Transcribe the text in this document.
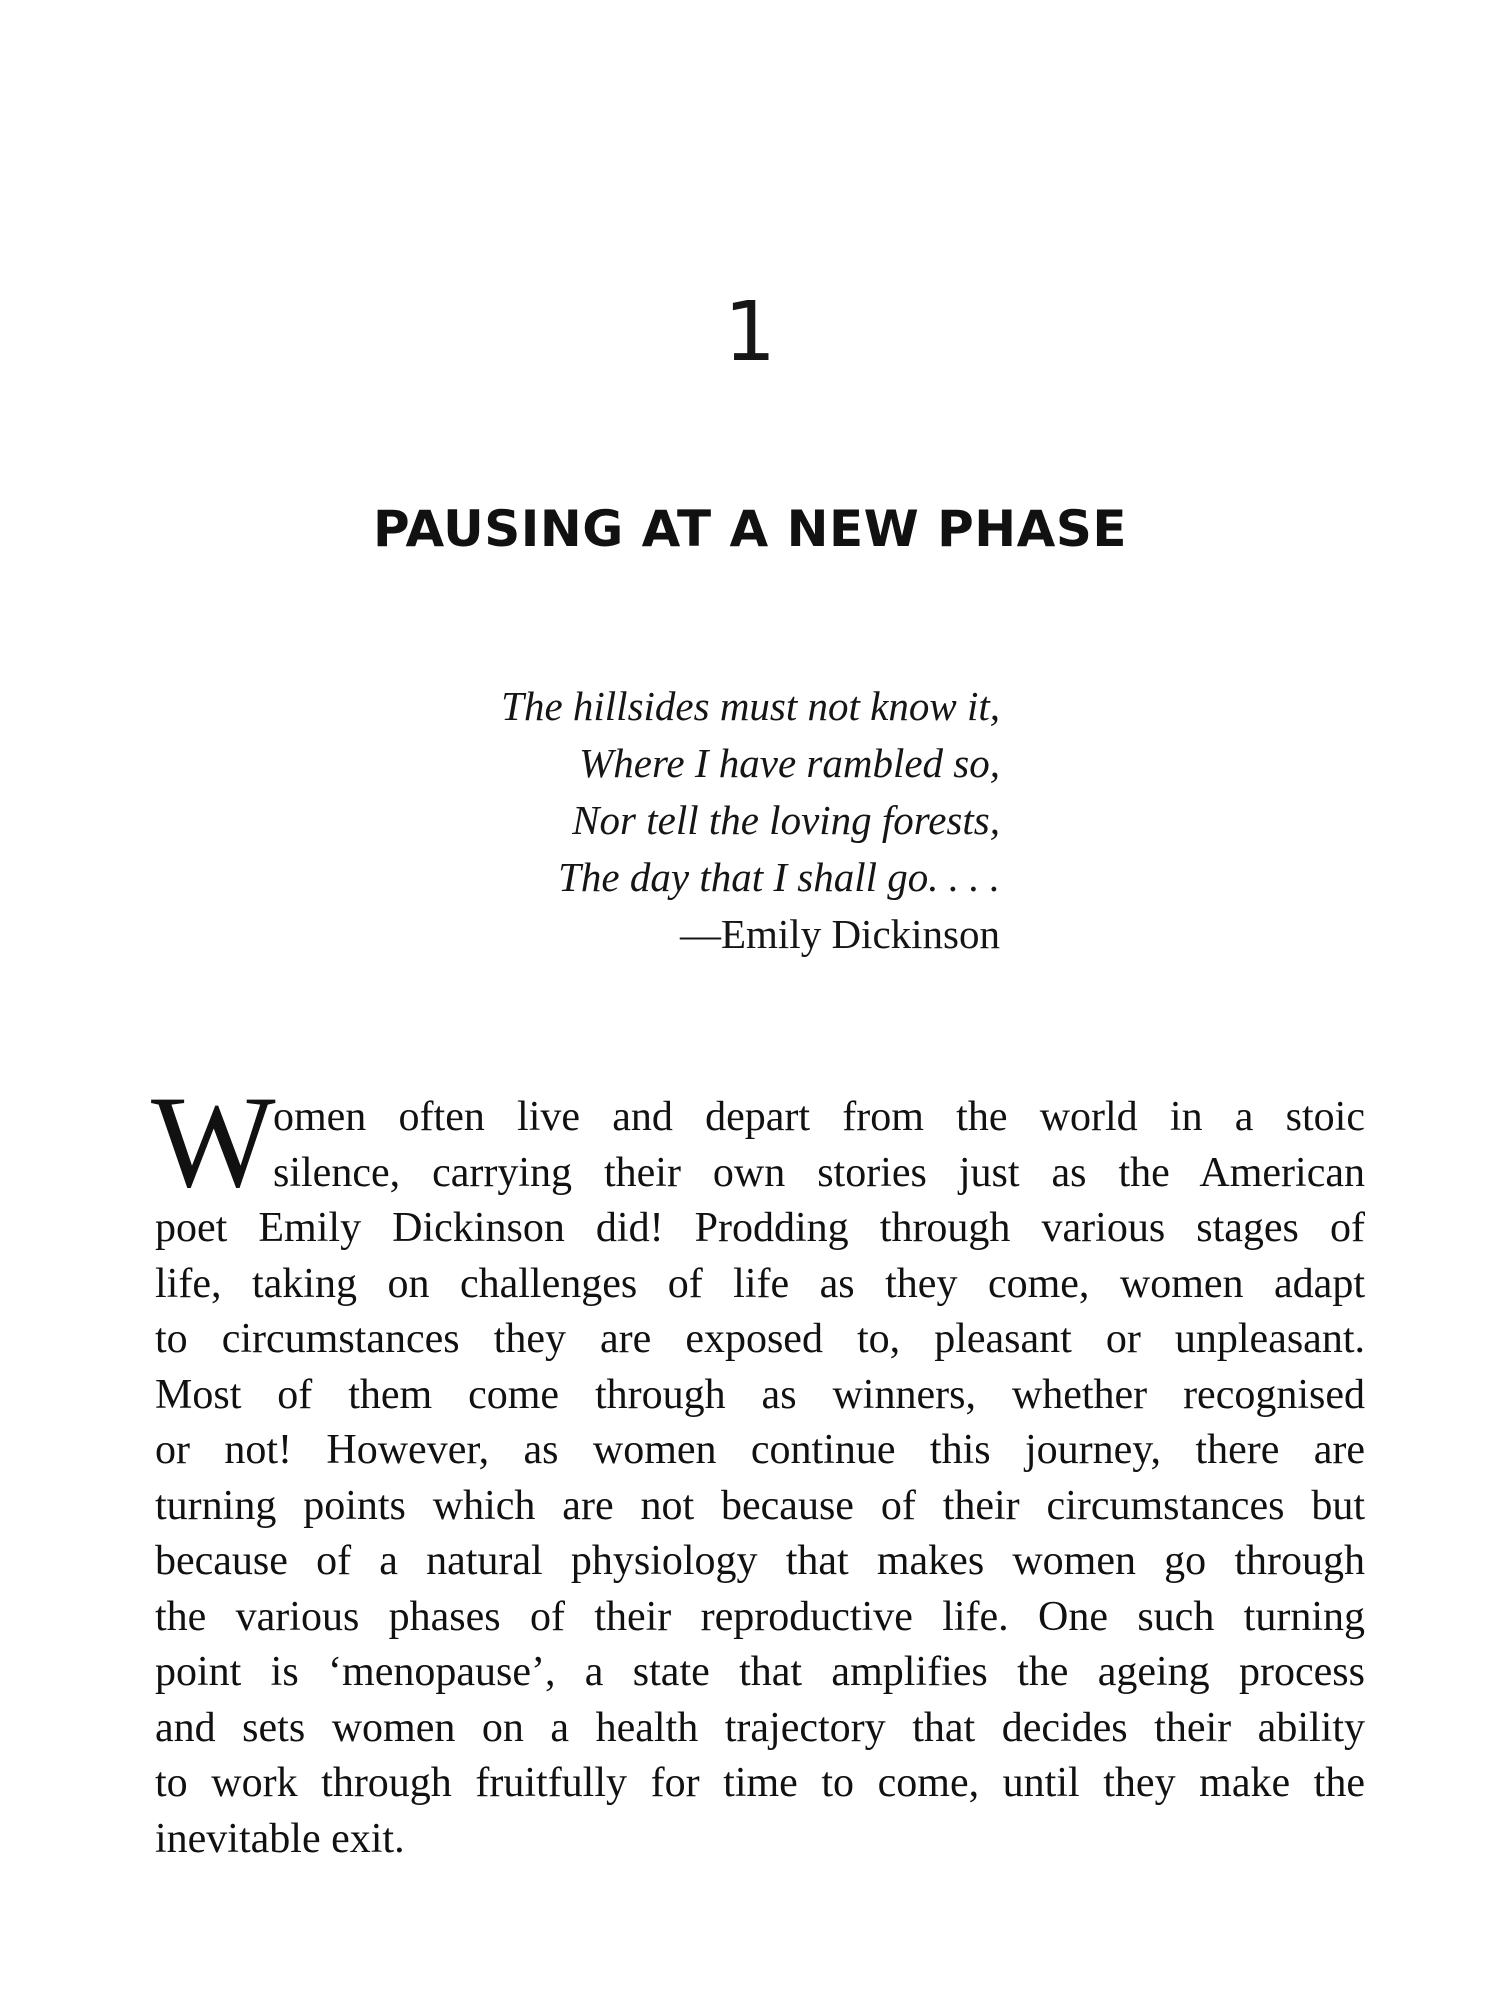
1
PAUSING AT A NEW PHASE
The hillsides must not know it,
Where I have rambled so,
Nor tell the loving forests,
The day that I shall go. . . .
—Emily Dickinson
W
omen often live and depart from the world in a stoic
silence, carrying their own stories just as the American
poet Emily Dickinson did! Prodding through various stages of
life, taking on challenges of life as they come, women adapt
to circumstances they are exposed to, pleasant or unpleasant.
Most of them come through as winners, whether recognised
or not! However, as women continue this journey, there are
turning points which are not because of their circumstances but
because of a natural physiology that makes women go through
the various phases of their reproductive life. One such turning
point is ‘menopause’, a state that amplifies the ageing process
and sets women on a health trajectory that decides their ability
to work through fruitfully for time to come, until they make the
inevitable exit.
